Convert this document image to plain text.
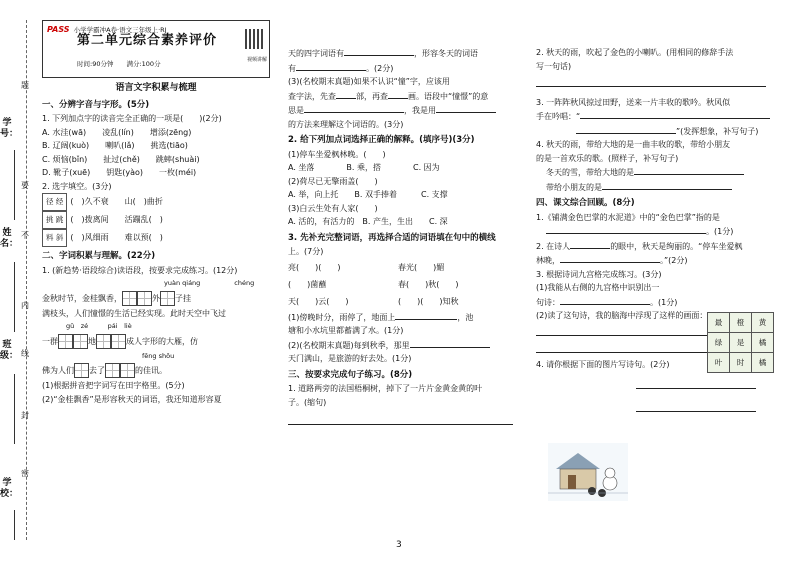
学号：
姓名：
班级：
学校：
题
要
不
内
线
封
密
PASS 小学学霸冲A卷·语文三年级上·RJ
第二单元综合素养评价
时间:90分钟　　 满分:100分	视频讲解
语言文字积累与梳理
一、分辨字音与字形。(5分)
1. 下列加点字的读音完全正确的一项是(　　)(2分)
A. 水洼(wā)　　凌乱(lín)　　增添(zēng)
B. 辽阔(kuò)　　喇叭(lǎ)　　挑选(tiāo)
C. 烦恼(bǐn)　　扯过(chě)　　跳蟀(shuài)
D. 靴子(xuē)　　钥匙(yào)　　一枚(méi)
2. 选字填空。(3分)
径 经 (　)久不衰　　山(　)曲折
挑 跳 (　)拨离间　　活蹦乱(　)
料 斜 (　)风细雨　　难以预(　)
二、字词积累与理解。(22分)
1. (新趋势·语段综合)读语段，按要求完成练习。(12分)
yuàn qiáng	chéng
金秋时节，金桂飘香，	外 子挂
满枝头，人们憧憬的生活已经实现。此时天空中飞过
gǔ　 zé　　　	pái　 liè
一群	地	成人字形的大雁，仿
fēng shōu
佛为人们 去了	的佳讯。
(1)根据拼音把字词写在田字格里。(5分)
(2)“金桂飘香”是形容秋天的词语，我还知道形容夏
天的四字词语有	，形容冬天的词语
有	。(2分)
(3)(名校期末真题)如果不认识“憧”字，应该用
查字法，先查	部，再查	画。语段中“憧憬”的意
思是	，我是用
的方法来理解这个词语的。(3分)
2. 给下列加点词选择正确的解释。(填序号)(3分)
(1)停车坐爱枫林晚。(　　)
A. 坐落　　　　B. 乘，搭　　　　C. 因为
(2)荷尽已无擎雨盖(　　)
A. 举，向上托　　B. 双手捧着　　　C. 支撑
(3)白云生处有人家(　　)
A. 活的，有活力的　B. 产生，生出　　C. 深
3. 先补充完整词语，再选择合适的词语填在句中的横线
上。(7分)
亮(　　)(　　)	春光(　　)媚
(　　)菌蘸	春(　　)秋(　　)
天(　　)云(　　)	(　　)(　　)知秋
(1)傍晚时分，雨停了，地面上	，池
塘和小水坑里都蓄满了水。(1分)
(2)(名校期末真题)每到秋季，那里
天门满山，是旅游的好去处。(1分)
三、按要求完成句子练习。(8分)
1. 道路两旁的法国梧桐树，掉下了一片片金黄金黄的叶
子。(缩句)
2. 秋天的雨，吹起了金色的小喇叭。(用相同的修辞手法
写一句话)
3. 一阵阵秋风掠过田野，送来一片丰收的歌吟。秋风似
手在吟唱：“
”(发挥想象，补写句子)
4. 秋天的雨，带给大地的是一曲丰收的歌，带给小朋友
的是一首欢乐的歌。(照样子，补写句子)
冬天的雪，带给大地的是
带给小朋友的是
四、课文综合回顾。(8分)
1.《铺满金色巴掌的水泥道》中的“金色巴掌”指的是
。(1分)
2. 在诗人	的眼中，秋天是绚丽的。“停车坐爱枫
林晚，	。”(2分)
3. 根据诗词九宫格完成练习。(3分)
(1)我能从右侧的九宫格中识别出一
句诗：	。(1分)
(2)读了这句诗，我的脑海中浮现了这样的画面：
4. 请你根据下面的图片写诗句。(2分)
最	橙	黄
绿	是	橘
叶	时	橘
3
